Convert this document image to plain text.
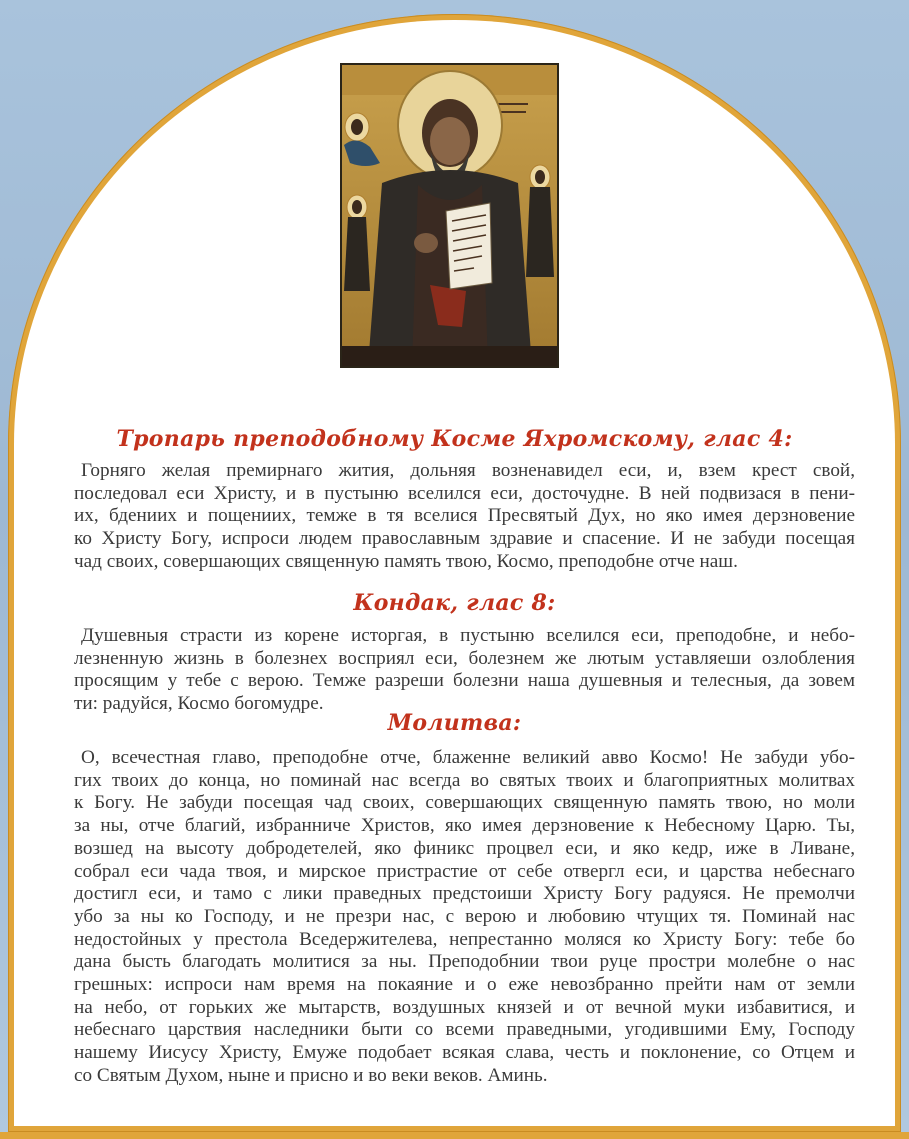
Тропарь преподобному Косме Яхромскому, глас 4:
Горняго желая премирнаго жития, дольняя возненавидел еси, и, взем крест свой,
последовал еси Христу, и в пустыню вселился еси, досточудне. В ней подвизася в пени-
их, бдениих и пощениих, темже в тя вселися Пресвятый Дух, но яко имея дерзновение
ко Христу Богу, испроси людем православным здравие и спасение. И не забуди посещая
чад своих, совершающих священную память твою, Космо, преподобне отче наш.
Кондак, глас 8:
Душевныя страсти из корене исторгая, в пустыню вселился еси, преподобне, и небо-
лезненную жизнь в болезнех восприял еси, болезнем же лютым уставляеши озлобления
просящим у тебе с верою. Темже разреши болезни наша душевныя и телесныя, да зовем
ти: радуйся, Космо богомудре.
Молитва:
О, всечестная главо, преподобне отче, блаженне великий авво Космо! Не забуди убо-
гих твоих до конца, но поминай нас всегда во святых твоих и благоприятных молитвах
к Богу. Не забуди посещая чад своих, совершающих священную память твою, но моли
за ны, отче благий, избранниче Христов, яко имея дерзновение к Небесному Царю. Ты,
возшед на высоту добродетелей, яко финикс процвел еси, и яко кедр, иже в Ливане,
собрал еси чада твоя, и мирское пристрастие от себе отвергл еси, и царства небеснаго
достигл еси, и тамо с лики праведных предстоиши Христу Богу радуяся. Не премолчи
убо за ны ко Господу, и не презри нас, с верою и любовию чтущих тя. Поминай нас
недостойных у престола Вседержителева, непрестанно моляся ко Христу Богу: тебе бо
дана бысть благодать молитися за ны. Преподобнии твои руце простри молебне о нас
грешных: испроси нам время на покаяние и о еже невозбранно прейти нам от земли
на небо, от горьких же мытарств, воздушных князей и от вечной муки избавитися, и
небеснаго царствия наследники быти со всеми праведными, угодившими Ему, Господу
нашему Иисусу Христу, Емуже подобает всякая слава, честь и поклонение, со Отцем и
со Святым Духом, ныне и присно и во веки веков. Аминь.
